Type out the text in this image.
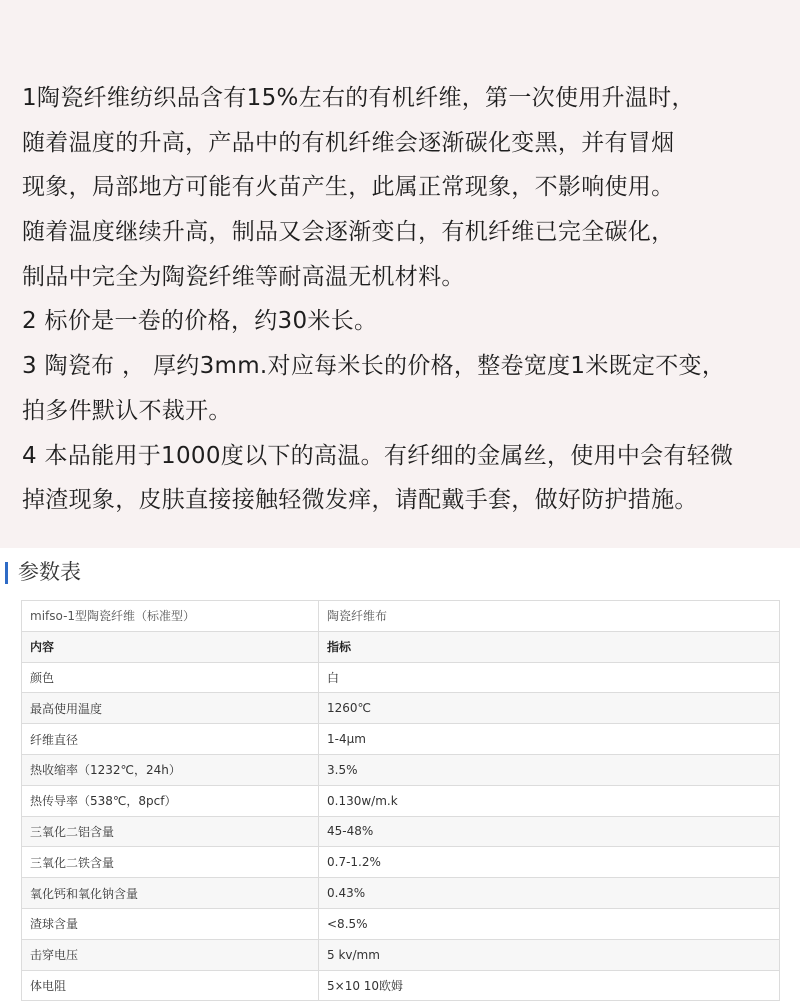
1陶瓷纤维纺织品含有15%左右的有机纤维，第一次使用升温时，
随着温度的升高，产品中的有机纤维会逐渐碳化变黑，并有冒烟
现象，局部地方可能有火苗产生，此属正常现象，不影响使用。
随着温度继续升高，制品又会逐渐变白，有机纤维已完全碳化，
制品中完全为陶瓷纤维等耐高温无机材料。
2 标价是一卷的价格，约30米长。
3 陶瓷布 ， 厚约3mm.对应每米长的价格，整卷宽度1米既定不变，
拍多件默认不裁开。
4 本品能用于1000度以下的高温。有纤细的金属丝，使用中会有轻微
掉渣现象，皮肤直接接触轻微发痒，请配戴手套，做好防护措施。
参数表
mifso-1型陶瓷纤维（标准型）	陶瓷纤维布
内容	指标
颜色	白
最高使用温度	1260℃
纤维直径	1-4μm
热收缩率（1232℃，24h）	3.5%
热传导率（538℃，8pcf）	0.130w/m.k
三氧化二铝含量	45-48%
三氧化二铁含量	0.7-1.2%
氧化钙和氧化钠含量	0.43%
渣球含量	<8.5%
击穿电压	5 kv/mm
体电阻	5×10 10欧姆
